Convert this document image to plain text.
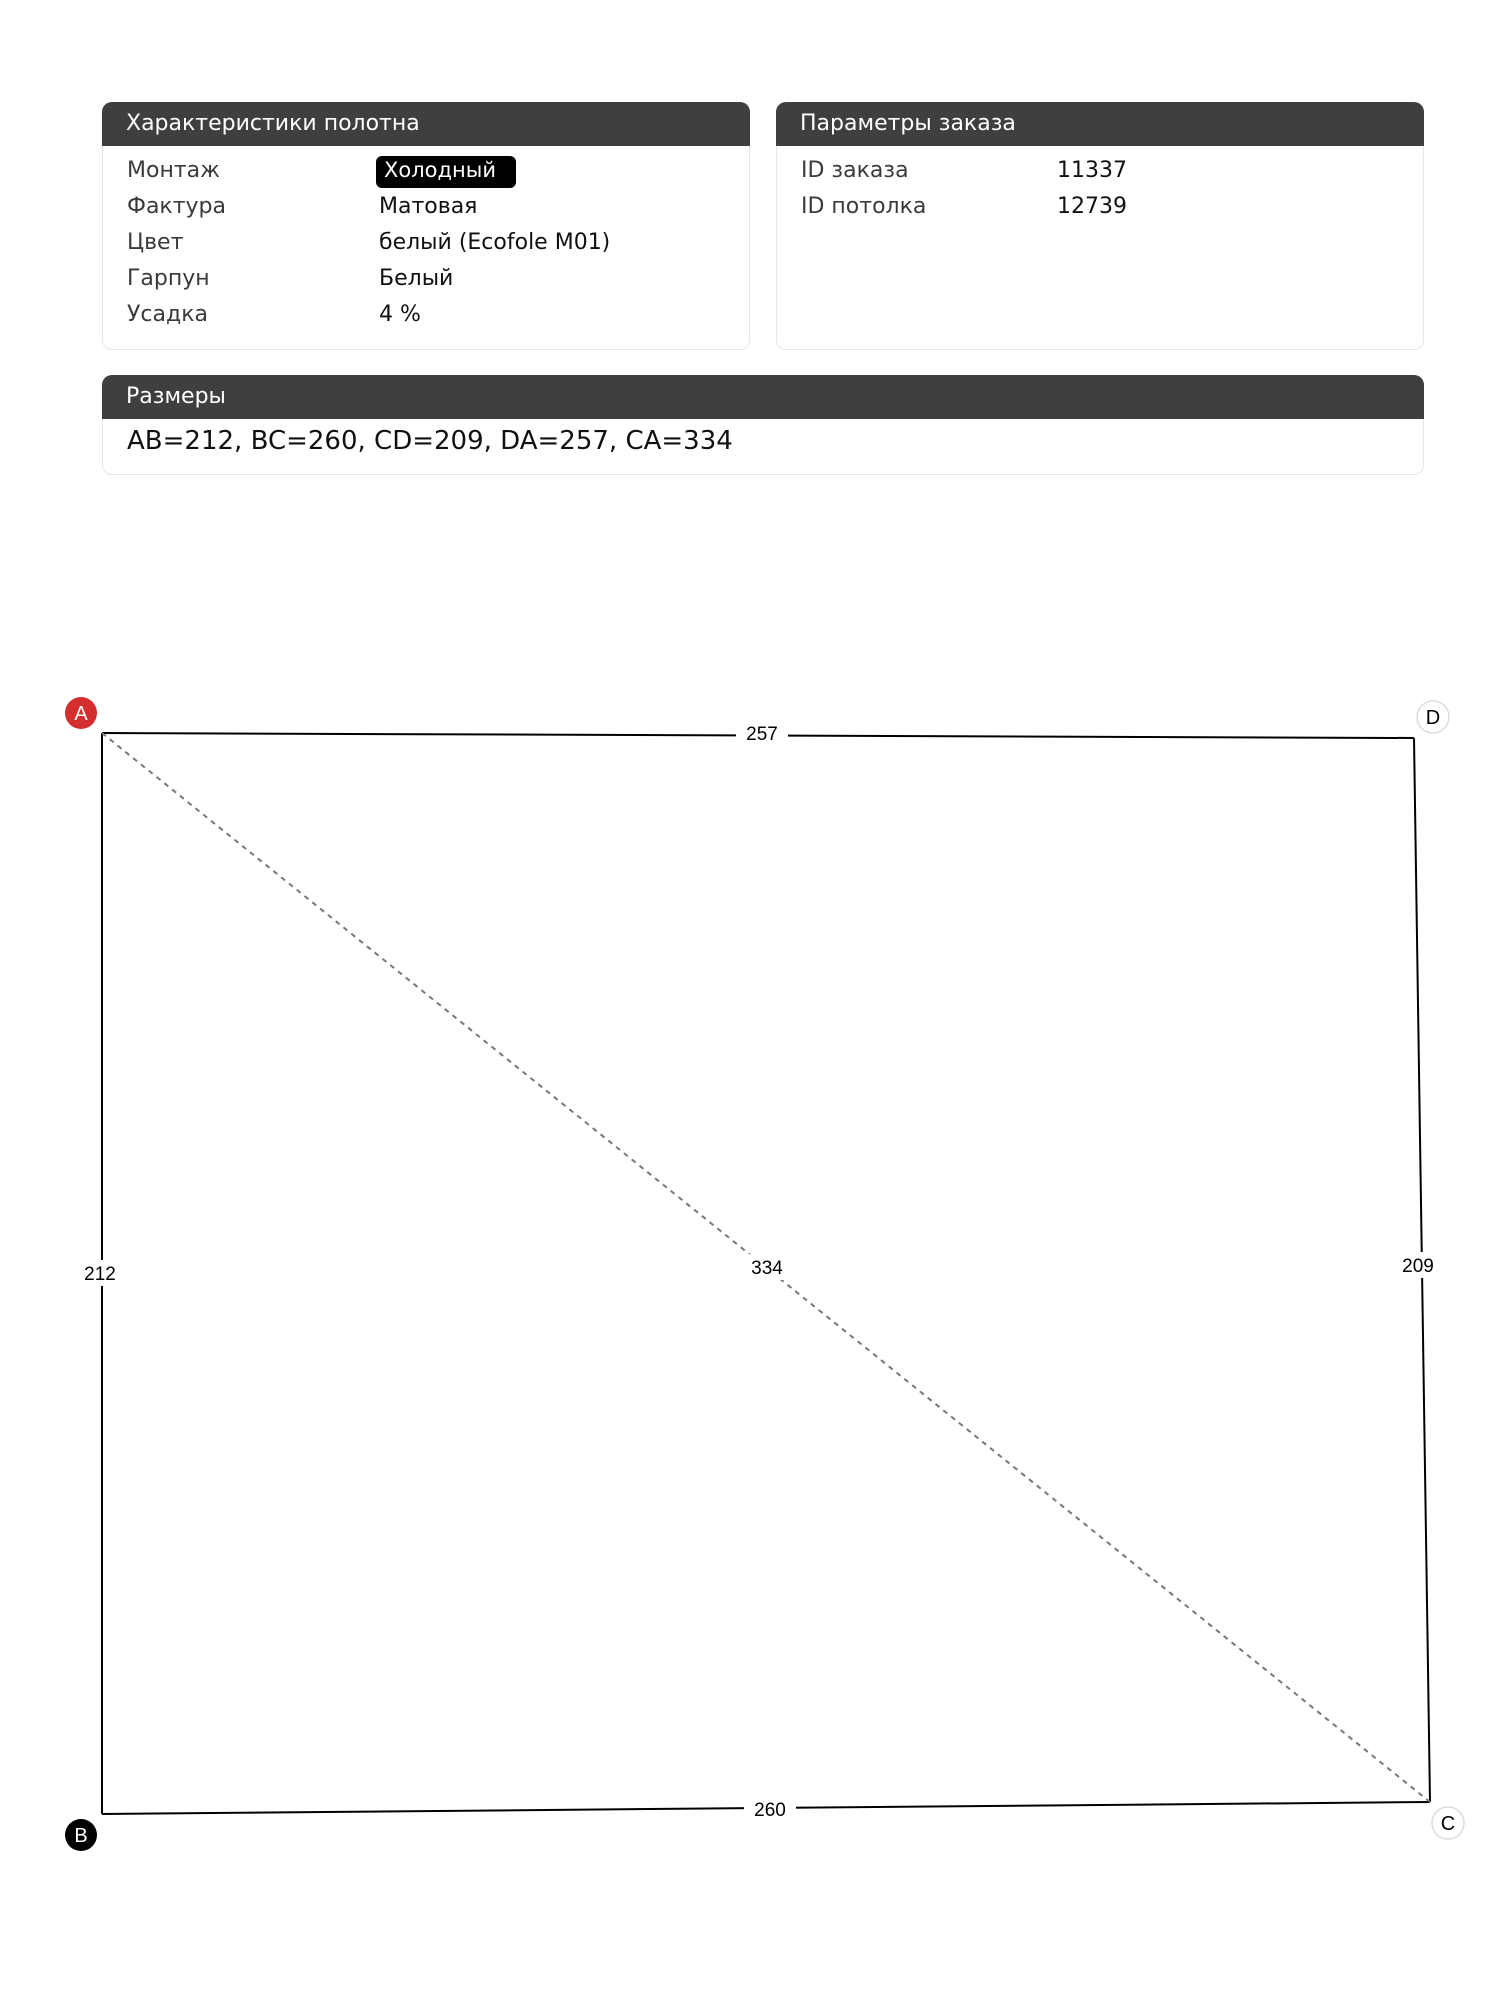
Характеристики полотна
Монтаж	Холодный
Фактура	Матовая
Цвет	белый (Ecofole M01)
Гарпун	Белый
Усадка	4 %
Параметры заказа
ID заказа	11337
ID потолка	12739
Размеры
AB=212, BC=260, CD=209, DA=257, CA=334
257
212	209
260
334
A
B
C
D
